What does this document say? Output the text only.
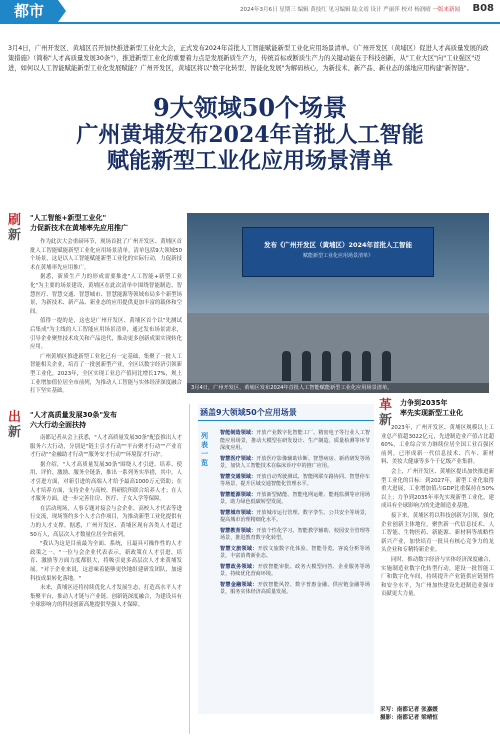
都市	2024年3月6日 星期三 编辑 黄技红 见习编辑 陆文靖 设计 严丽萍 校对 杨润晴 一版来新闻 B08
3月4日，广州开发区、黄埔区召开加快推进新型工业化大会，正式发布2024年首批人工智能赋能新型工业化应用场景清单。《广州开发区（黄埔区）促进人才高质量发展的政策措施》（简称"人才高质量发展30条"），推进新型工业化的重要着力点是发展新质生产力，传统首标或断质生产力的关键动能在于科技创新，从"工业大区"向"工业强区"迈进，如何以人工智能赋能新型工业化发展赋能？广州开发区，黄埔区将以"数字化转型、智能化发展"为解码核心，为新技术、新产品、新业态的落地应用构建"新智链"。
9大领域50个场景
广州黄埔发布2024年首批人工智能
赋能新型工业化应用场景清单
发布《广州开发区（黄埔区）2024年首批人工智能
赋能新型工业化应用场景清单》
3月4日，广州开发区、黄埔区发布2024年首批人工智能赋能新型工业化应用场景清单。
刷
新
"人工智能+新型工业化"
力促新技术在黄埔率先应用推广

作为此次大会重磅环节，现场首批了广州开发区、黄埔区首批人工智能赋能新型工业化应用场景清单，清单包括9大领域50个场景，这是以人工智能赋能新型工业化的实际行动，力促新技术在黄埔率先应用推广。

据悉，新质生产力的形成需要推进"人工智能+新型工业化"为主要的场景建设，黄埔区在此次清单中围绕智能制造、智慧医疗、智慧交通、智慧城市、智慧能源等领域布局多个新型场景，为新技术、新产品、新业态的应用提供更加丰富的载体和空间。

值得一提的是，这也是广州开发区、黄埔区首个以"先测试后集成"为主线的人工智能应用场景清单，通过发布场景需求，引导企业聚焦技术攻关和产品迭代，推动更多创新成果实现转化应用。

广州黄埔区推进新型工业化已有一定基础，集聚了一批人工智能相关企业，培育了一批创新型产业，全区以数字经济引领新型工业化，2023年，全区实现工业总产值同比增长17%，规上工业增加值位居全市前列，为推动人工智能与实体经济深度融合打下坚实基础。

出
新
"人才高质量发展30条"发布
六大行动全面扶持

南都记者从会上获悉，"人才高质量发展30条"配套推出人才服务六大行动，分别是"链主引才行动""平台聚才行动""产业育才行动""金融助才行动""服务安才行动""环境留才行动"。

据介绍，"人才高质量发展30条"围绕人才引进、培养、使用、评价、激励、服务全链条，推出一系列务实举措，其中，人才引进方面，对新引进的高端人才给予最高1000万元资助；在人才培养方面，支持企业与高校、科研院所联合培养人才；在人才服务方面，进一步完善住房、医疗、子女入学等保障。

在活动现场，人事专题对接会与会企业、高校人才代表等进行交流，现场签约多个人才合作项目，为推动新型工业化提供有力的人才支撑。据悉，广州开发区、黄埔区现有各类人才超过50万人，高层次人才数量位居全省前列。

"我认为这是目前最为全面、系统，且最具可操作性的人才政策之一。"一位与会企业代表表示，新政策在人才引进、培育、激励等方面力度都很大，将吸引更多高层次人才来黄埔发展。"对于企业来说，这意味着能够更快地组建研发团队，加速科技成果转化落地。"

未来，黄埔区还将持续优化人才发展生态，打造高水平人才集聚平台，推动人才链与产业链、创新链深度融合，为建设具有全球影响力的科技创新高地提供坚强人才保障。

涵盖9大领域50个应用场景
列表一览
智能制造领域：开放产业数字化智能工厂、精密电子等行业人工智能应用场景，推动大模型在研发设计、生产制造、质量检测等环节深度应用。
智慧医疗领域：开放医疗影像辅助诊断、智慧病房、新药研发等场景，加快人工智能技术在临床诊疗中的推广应用。
智慧交通领域：开放自动驾驶测试、智能网联车路协同、智慧停车等场景，提升区域交通智能化管理水平。
智慧能源领域：开放新型储能、智能电网运维、能耗监测等应用场景，助力绿色低碳转型发展。
智慧城市领域：开放城市运行管理、数字孪生、公共安全等场景，提高城市治理精细化水平。
智慧教育领域：开放个性化学习、智能教学辅助、校园安全管理等场景，推进教育数字化转型。
智慧文旅领域：开放文旅数字化体验、智能导览、客流分析等场景，丰富消费新业态。
智慧政务领域：开放智能审批、政务大模型问答、企业服务等场景，持续优化营商环境。
智慧金融领域：开放智能风控、数字普惠金融、供应链金融等场景，服务实体经济高质量发展。
革
新
力争到2035年
率先实现新型工业化

2023年，广州开发区、黄埔区规模以上工业总产值超3022亿元，先进制造业产值占比超60%，工业综合实力继续位居全国工业百强区前列，已形成新一代信息技术、汽车、新材料、美妆大健康等多个千亿级产业集群。

会上，广州开发区、黄埔区提出加快推进新型工业化的目标：到2027年，新型工业化取得重大进展，工业增加值占GDP比重保持在50%以上；力争到2035年率先实现新型工业化，建成具有全球影响力的先进制造业基地。

接下来，黄埔区将以科技创新为引领，强化企业创新主体地位，聚焦新一代信息技术、人工智能、生物医药、新能源、新材料等战略性新兴产业，加快培育一批具有核心竞争力的龙头企业和专精特新企业。

同时，推动数字经济与实体经济深度融合，实施制造业数字化转型行动，建设一批智能工厂和数字化车间，持续提升产业链供应链韧性和安全水平，为广州加快建设先进制造业强市贡献更大力量。

采写：南都记者 张嘉媛
摄影：南都记者 梁晴恒
